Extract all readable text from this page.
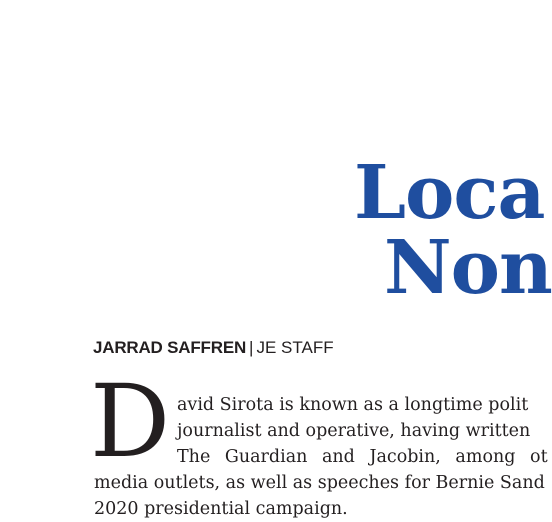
Loca
Non
JARRAD SAFFREN | JE STAFF
D avid Sirota is known as a longtime polit
journalist and operative, having written
The Guardian and Jacobin, among ot
media outlets, as well as speeches for Bernie Sand
2020 presidential campaign.
